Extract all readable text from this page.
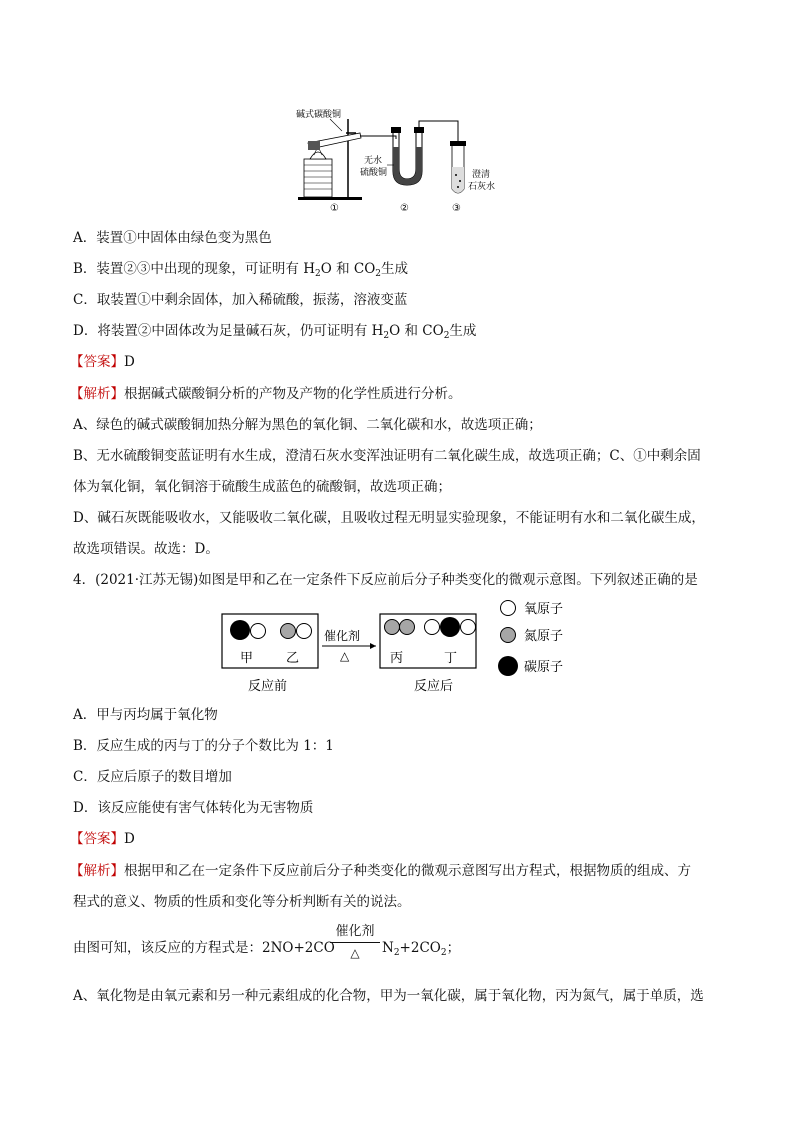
碱式碳酸铜
无水
硫酸铜	澄清
石灰水
①	②	③
A．装置①中固体由绿色变为黑色
B．装置②③中出现的现象，可证明有 $H_2O$ 和 $CO_2$生成
C．取装置①中剩余固体，加入稀硫酸，振荡，溶液变蓝
D．将装置②中固体改为足量碱石灰，仍可证明有 $H_2O$ 和 $CO_2$生成
【答案】D
【解析】根据碱式碳酸铜分析的产物及产物的化学性质进行分析。
A、绿色的碱式碳酸铜加热分解为黑色的氧化铜、二氧化碳和水，故选项正确；
B、无水硫酸铜变蓝证明有水生成，澄清石灰水变浑浊证明有二氧化碳生成，故选项正确；C、①中剩余固
体为氧化铜，氧化铜溶于硫酸生成蓝色的硫酸铜，故选项正确；
D、碱石灰既能吸收水，又能吸收二氧化碳，且吸收过程无明显实验现象，不能证明有水和二氧化碳生成，
故选项错误。故选：D。
4．(2021·江苏无锡)如图是甲和乙在一定条件下反应前后分子种类变化的微观示意图。下列叙述正确的是
甲	乙
反应前
催化剂
△	丙	丁
反应后
氧原子
氮原子
碳原子
A．甲与丙均属于氧化物
B．反应生成的丙与丁的分子个数比为 1：1
C．反应后原子的数目增加
D．该反应能使有害气体转化为无害物质
【答案】D
【解析】根据甲和乙在一定条件下反应前后分子种类变化的微观示意图写出方程式，根据物质的组成、方
程式的意义、物质的性质和变化等分析判断有关的说法。
由图可知，该反应的方程式是：2NO+2CO
催化剂
△	$N_2+2CO_2$；
A、氧化物是由氧元素和另一种元素组成的化合物，甲为一氧化碳，属于氧化物，丙为氮气，属于单质，选
